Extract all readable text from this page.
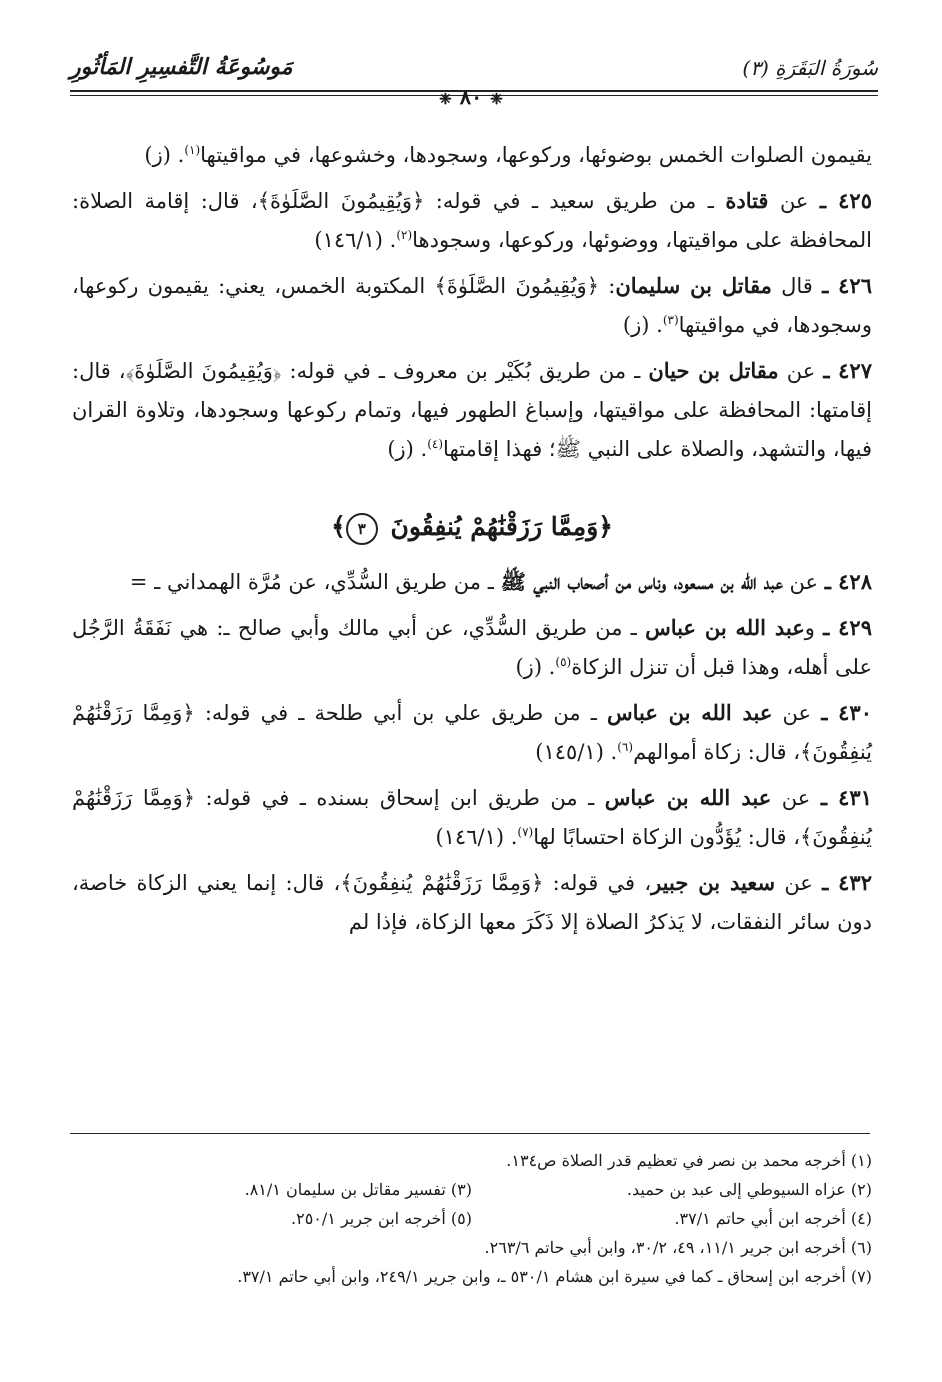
سُورَةُ البَقَرَةِ (٣)
مَوسُوعَةُ التَّفسِيرِ المَأثُورِ
❈٨٠❈

يقيمون الصلوات الخمس بوضوئها، وركوعها، وسجودها، وخشوعها، في مواقيتها$^{(١)}$. (ز)

٤٢٥ ـ عن قتادة ـ من طريق سعيد ـ في قوله: ﴿وَيُقِيمُونَ الصَّلَوٰةَ﴾، قال: إقامة الصلاة: المحافظة على مواقيتها، ووضوئها، وركوعها، وسجودها$^{(٢)}$. (١٤٦/١)

٤٢٦ ـ قال مقاتل بن سليمان: ﴿وَيُقِيمُونَ الصَّلَوٰةَ﴾ المكتوبة الخمس، يعني: يقيمون ركوعها، وسجودها، في مواقيتها$^{(٣)}$. (ز)

٤٢٧ ـ عن مقاتل بن حيان ـ من طريق بُكَيْر بن معروف ـ في قوله: ﴿وَيُقِيمُونَ الصَّلَوٰةَ﴾، قال: إقامتها: المحافظة على مواقيتها، وإسباغ الطهور فيها، وتمام ركوعها وسجودها، وتلاوة القران فيها، والتشهد، والصلاة على النبي ﷺ؛ فهذا إقامتها$^{(٤)}$. (ز)

﴿وَمِمَّا رَزَقْنَٰهُمْ يُنفِقُونَ ٣﴾

٤٢٨ ـ عن عبد الله بن مسعود، وناس من أصحاب النبي ﷺ ـ من طريق السُّدِّي، عن مُرَّة الهمداني ـ =

٤٢٩ ـ وعبد الله بن عباس ـ من طريق السُّدِّي، عن أبي مالك وأبي صالح ـ: هي نَفَقَةُ الرَّجُل على أهله، وهذا قبل أن تنزل الزكاة$^{(٥)}$. (ز)

٤٣٠ ـ عن عبد الله بن عباس ـ من طريق علي بن أبي طلحة ـ في قوله: ﴿وَمِمَّا رَزَقْنَٰهُمْ يُنفِقُونَ﴾، قال: زكاة أموالهم$^{(٦)}$. (١٤٥/١)

٤٣١ ـ عن عبد الله بن عباس ـ من طريق ابن إسحاق بسنده ـ في قوله: ﴿وَمِمَّا رَزَقْنَٰهُمْ يُنفِقُونَ﴾، قال: يُؤَدُّون الزكاة احتسابًا لها$^{(٧)}$. (١٤٦/١)

٤٣٢ ـ عن سعيد بن جبير، في قوله: ﴿وَمِمَّا رَزَقْنَٰهُمْ يُنفِقُونَ﴾، قال: إنما يعني الزكاة خاصة، دون سائر النفقات، لا يَذكرُ الصلاة إلا ذَكَرَ معها الزكاة، فإذا لم

(١) أخرجه محمد بن نصر في تعظيم قدر الصلاة ص١٣٤.
(٢) عزاه السيوطي إلى عبد بن حميد.
(٣) تفسير مقاتل بن سليمان ٨١/١.
(٤) أخرجه ابن أبي حاتم ٣٧/١.
(٥) أخرجه ابن جرير ٢٥٠/١.
(٦) أخرجه ابن جرير ١١/١، ٤٩، ٣٠/٢، وابن أبي حاتم ٢٦٣/٦.
(٧) أخرجه ابن إسحاق ـ كما في سيرة ابن هشام ٥٣٠/١ ـ، وابن جرير ٢٤٩/١، وابن أبي حاتم ٣٧/١.
